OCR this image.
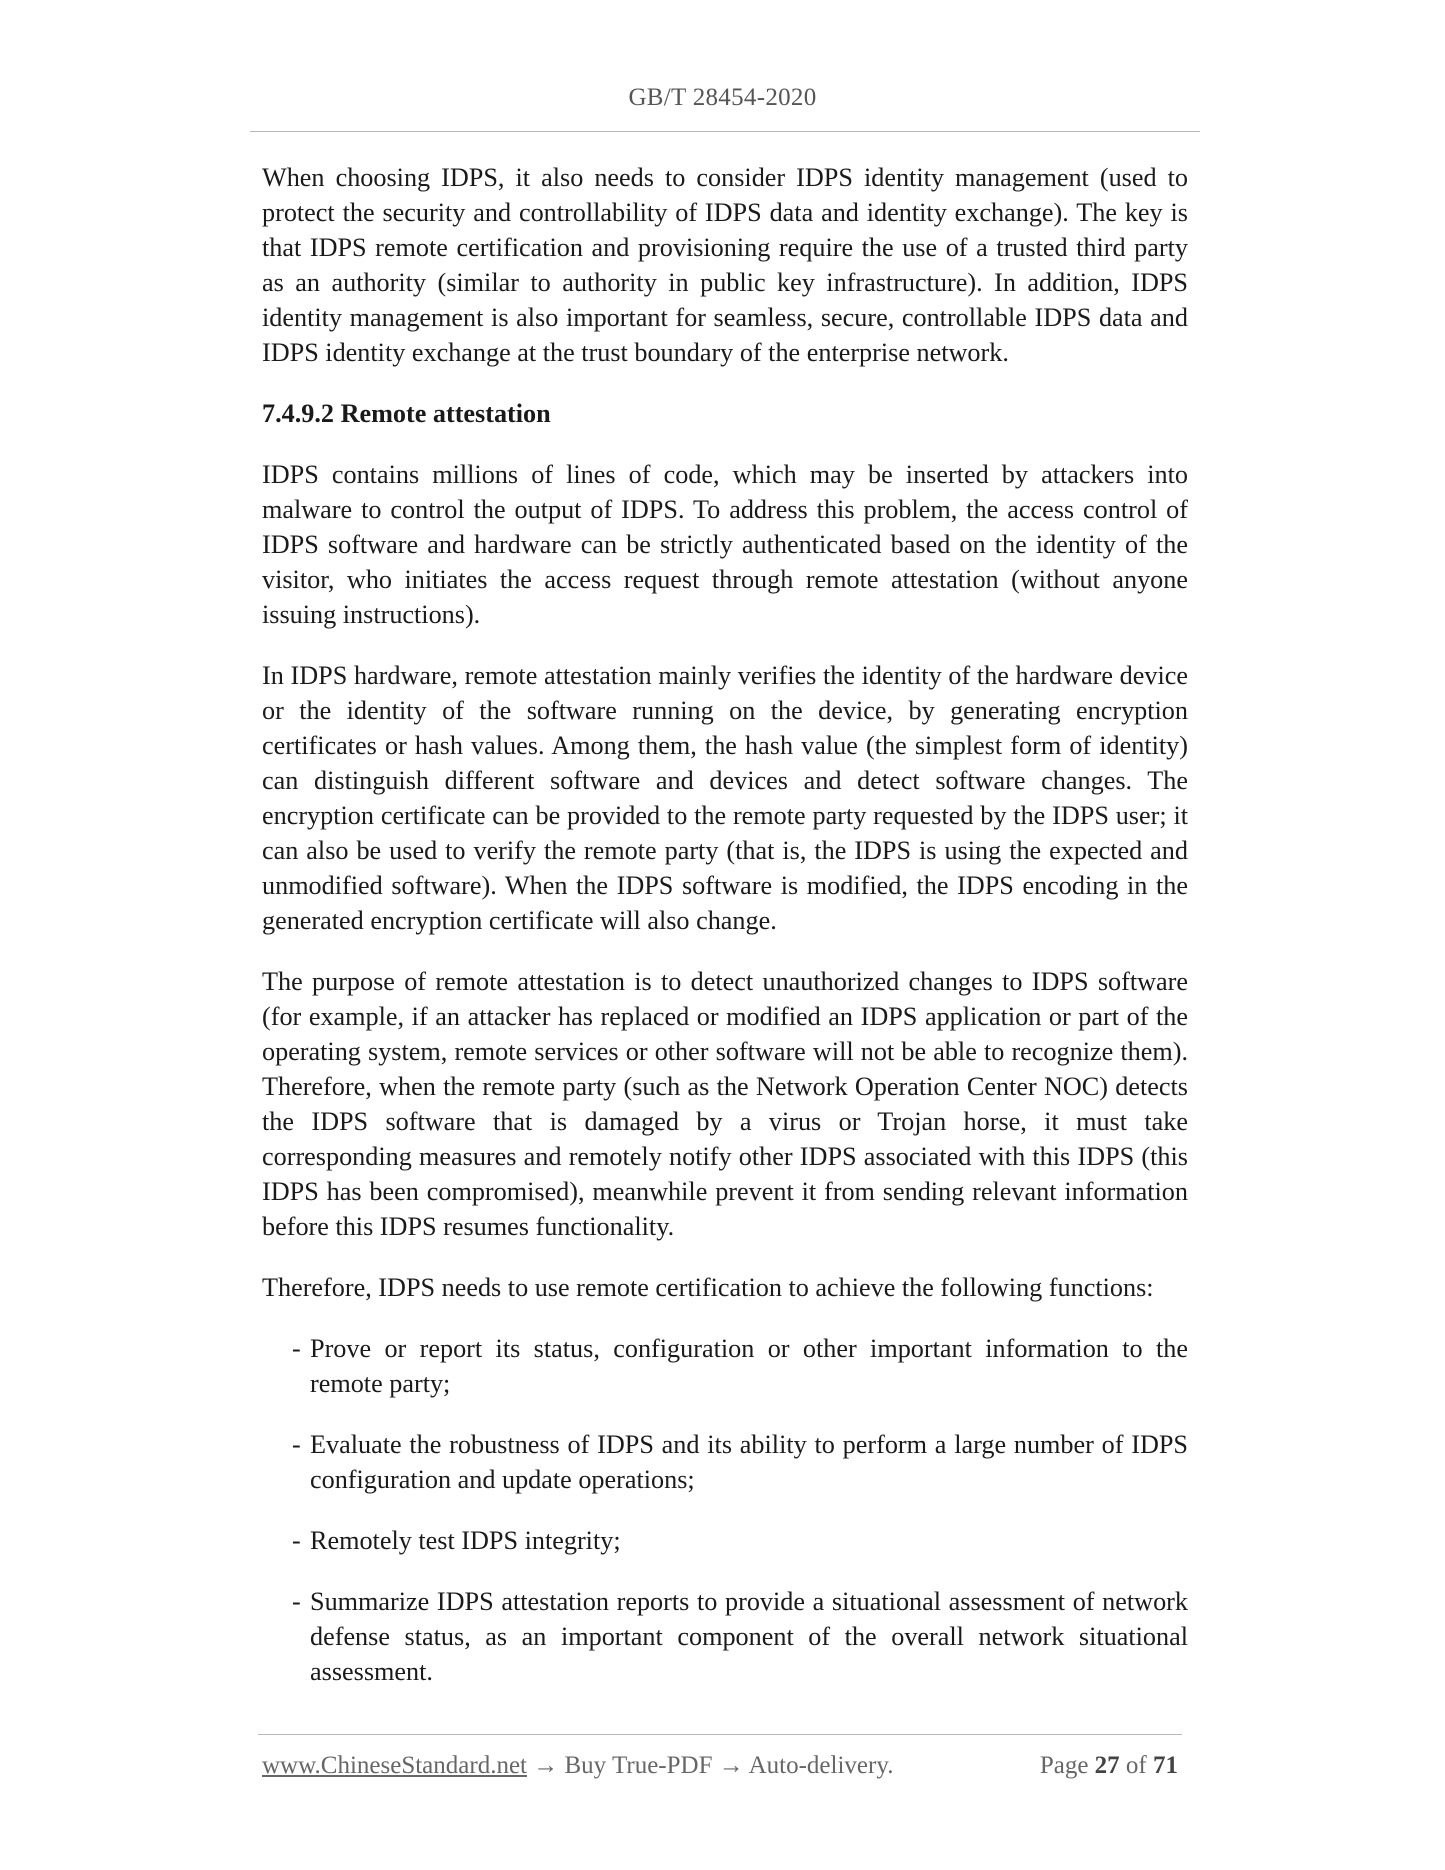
GB/T 28454-2020

When choosing IDPS, it also needs to consider IDPS identity management (used to protect the security and controllability of IDPS data and identity exchange). The key is that IDPS remote certification and provisioning require the use of a trusted third party as an authority (similar to authority in public key infrastructure). In addition, IDPS identity management is also important for seamless, secure, controllable IDPS data and IDPS identity exchange at the trust boundary of the enterprise network.

7.4.9.2 Remote attestation

IDPS contains millions of lines of code, which may be inserted by attackers into malware to control the output of IDPS. To address this problem, the access control of IDPS software and hardware can be strictly authenticated based on the identity of the visitor, who initiates the access request through remote attestation (without anyone issuing instructions).

In IDPS hardware, remote attestation mainly verifies the identity of the hardware device or the identity of the software running on the device, by generating encryption certificates or hash values. Among them, the hash value (the simplest form of identity) can distinguish different software and devices and detect software changes. The encryption certificate can be provided to the remote party requested by the IDPS user; it can also be used to verify the remote party (that is, the IDPS is using the expected and unmodified software). When the IDPS software is modified, the IDPS encoding in the generated encryption certificate will also change.

The purpose of remote attestation is to detect unauthorized changes to IDPS software (for example, if an attacker has replaced or modified an IDPS application or part of the operating system, remote services or other software will not be able to recognize them). Therefore, when the remote party (such as the Network Operation Center NOC) detects the IDPS software that is damaged by a virus or Trojan horse, it must take corresponding measures and remotely notify other IDPS associated with this IDPS (this IDPS has been compromised), meanwhile prevent it from sending relevant information before this IDPS resumes functionality.

Therefore, IDPS needs to use remote certification to achieve the following functions:

- Prove or report its status, configuration or other important information to the remote party;
- Evaluate the robustness of IDPS and its ability to perform a large number of IDPS configuration and update operations;
- Remotely test IDPS integrity;
- Summarize IDPS attestation reports to provide a situational assessment of network defense status, as an important component of the overall network situational assessment.
www.ChineseStandard.net → Buy True-PDF → Auto-delivery.	Page 27 of 71
